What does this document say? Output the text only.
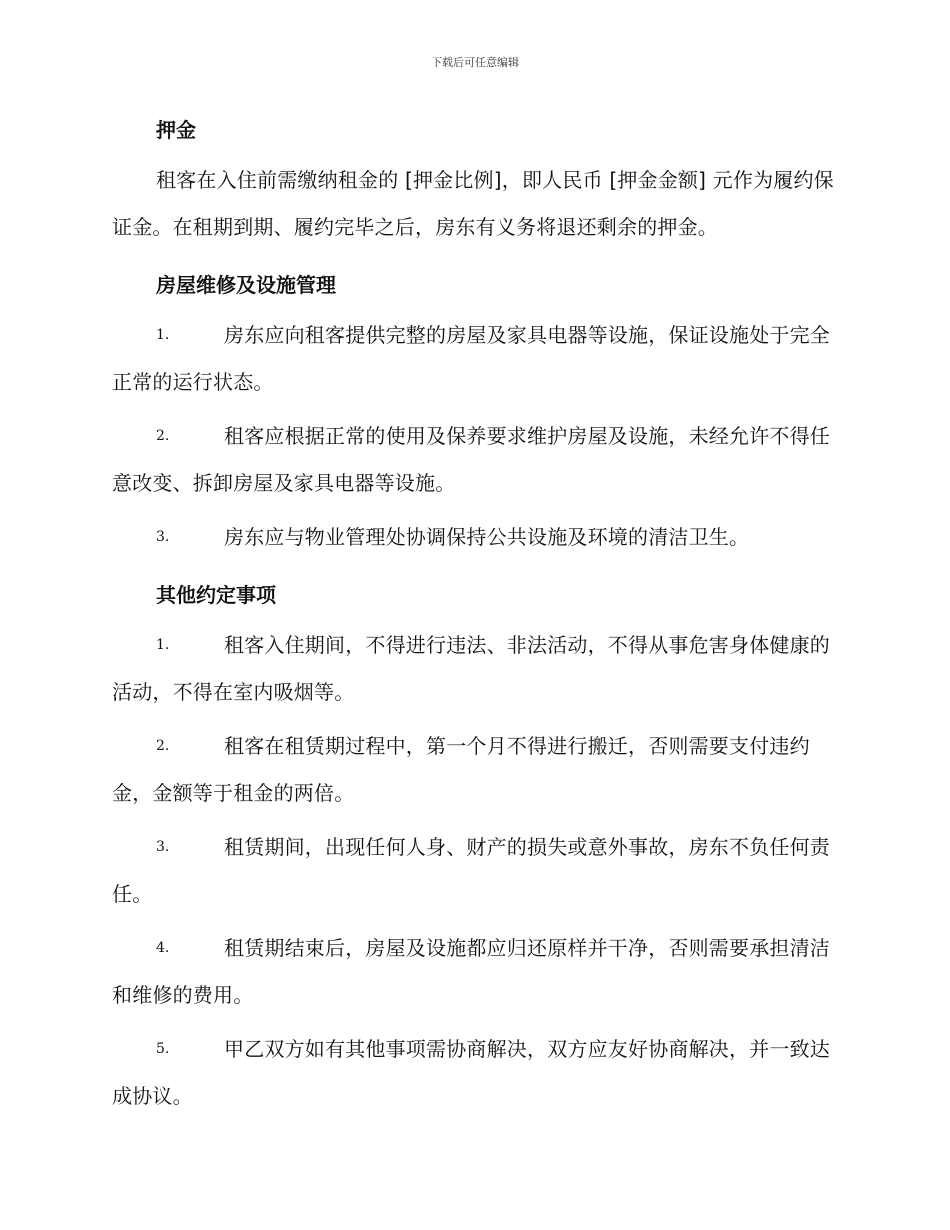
下载后可任意编辑
押金

租客在入住前需缴纳租金的 [押金比例]，即人民币 [押金金额] 元作为履约保证金。在租期到期、履约完毕之后，房东有义务将退还剩余的押金。

房屋维修及设施管理
1.	房东应向租客提供完整的房屋及家具电器等设施，保证设施处于完全正常的运行状态。
2.	租客应根据正常的使用及保养要求维护房屋及设施，未经允许不得任意改变、拆卸房屋及家具电器等设施。
3.	房东应与物业管理处协调保持公共设施及环境的清洁卫生。
其他约定事项
1.	租客入住期间，不得进行违法、非法活动，不得从事危害身体健康的活动，不得在室内吸烟等。
2.	租客在租赁期过程中，第一个月不得进行搬迁，否则需要支付违约金，金额等于租金的两倍。
3.	租赁期间，出现任何人身、财产的损失或意外事故，房东不负任何责任。
4.	租赁期结束后，房屋及设施都应归还原样并干净，否则需要承担清洁和维修的费用。
5.	甲乙双方如有其他事项需协商解决，双方应友好协商解决，并一致达成协议。
